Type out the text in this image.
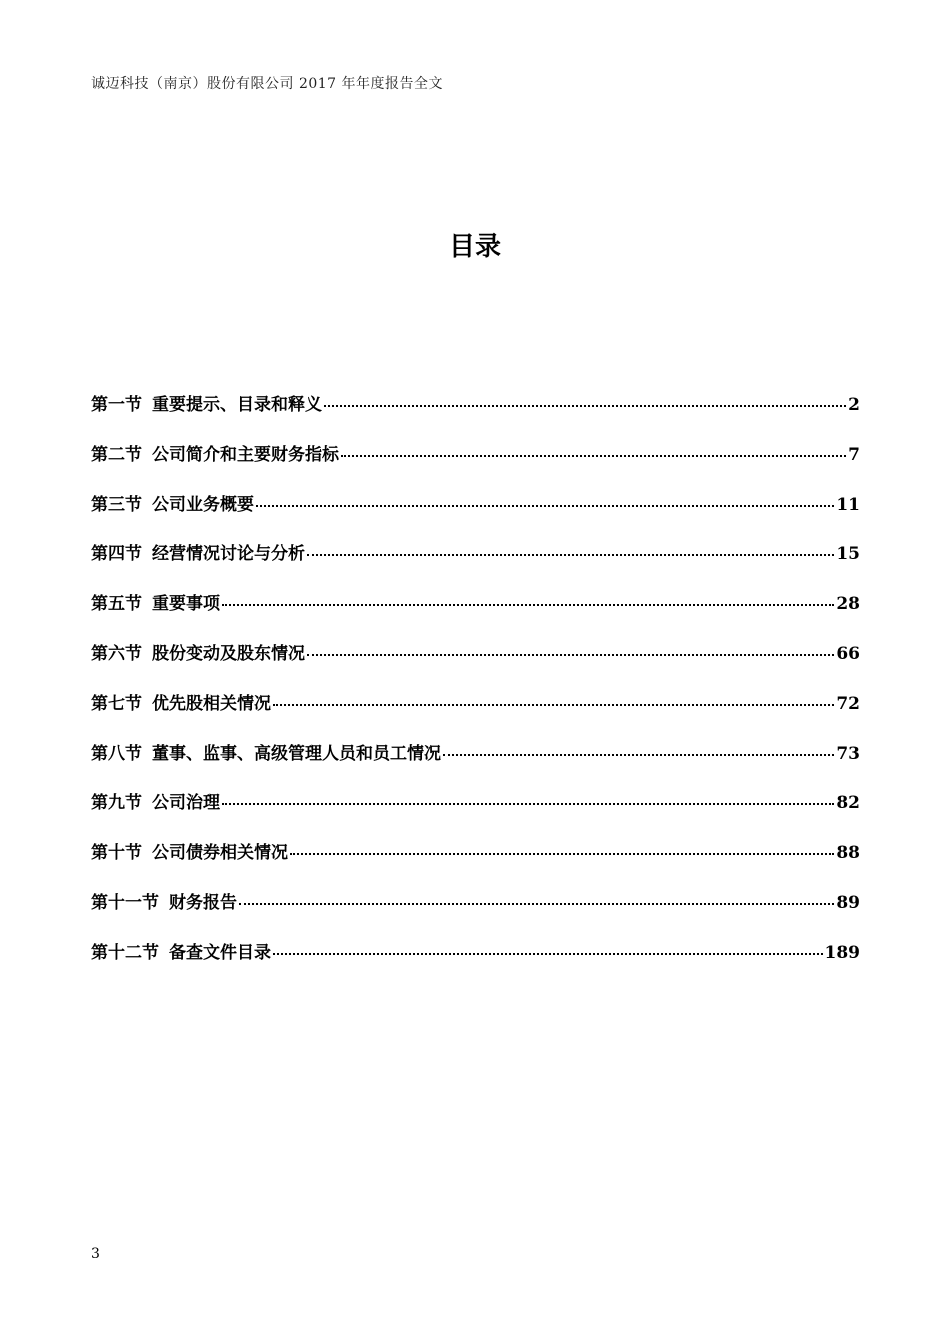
诚迈科技（南京）股份有限公司 2017 年年度报告全文
目录
第一节 重要提示、目录和释义	2
第二节 公司简介和主要财务指标	7
第三节 公司业务概要	11
第四节 经营情况讨论与分析	15
第五节 重要事项	28
第六节 股份变动及股东情况	66
第七节 优先股相关情况	72
第八节 董事、监事、高级管理人员和员工情况	73
第九节 公司治理	82
第十节 公司债券相关情况	88
第十一节 财务报告	89
第十二节 备查文件目录	189
3
